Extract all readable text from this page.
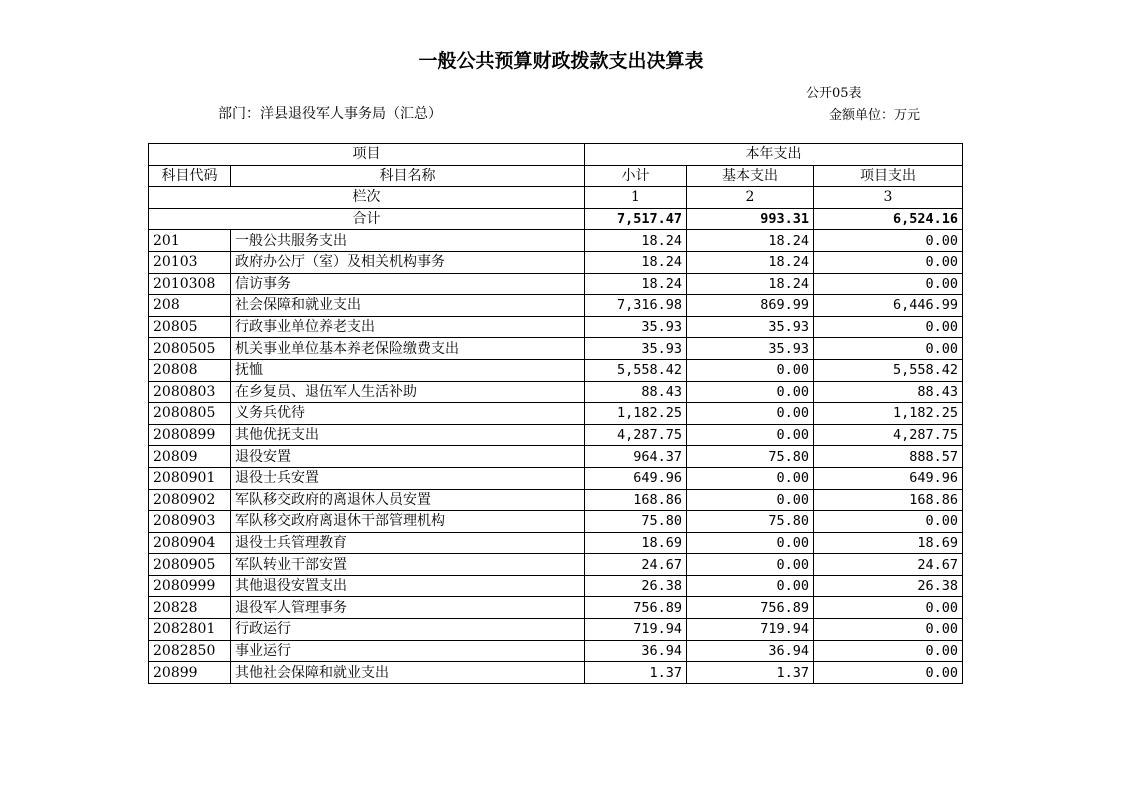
一般公共预算财政拨款支出决算表
公开05表
部门：洋县退役军人事务局（汇总）	金额单位：万元
项目		本年支出		
科目代码	科目名称	小计	基本支出	项目支出
栏次		1	2	3
合计		7,517.47	993.31	6,524.16
201	一般公共服务支出	18.24	18.24	0.00
20103	政府办公厅（室）及相关机构事务	18.24	18.24	0.00
2010308	信访事务	18.24	18.24	0.00
208	社会保障和就业支出	7,316.98	869.99	6,446.99
20805	行政事业单位养老支出	35.93	35.93	0.00
2080505	机关事业单位基本养老保险缴费支出	35.93	35.93	0.00
20808	抚恤	5,558.42	0.00	5,558.42
2080803	在乡复员、退伍军人生活补助	88.43	0.00	88.43
2080805	义务兵优待	1,182.25	0.00	1,182.25
2080899	其他优抚支出	4,287.75	0.00	4,287.75
20809	退役安置	964.37	75.80	888.57
2080901	退役士兵安置	649.96	0.00	649.96
2080902	军队移交政府的离退休人员安置	168.86	0.00	168.86
2080903	军队移交政府离退休干部管理机构	75.80	75.80	0.00
2080904	退役士兵管理教育	18.69	0.00	18.69
2080905	军队转业干部安置	24.67	0.00	24.67
2080999	其他退役安置支出	26.38	0.00	26.38
20828	退役军人管理事务	756.89	756.89	0.00
2082801	行政运行	719.94	719.94	0.00
2082850	事业运行	36.94	36.94	0.00
20899	其他社会保障和就业支出	1.37	1.37	0.00
